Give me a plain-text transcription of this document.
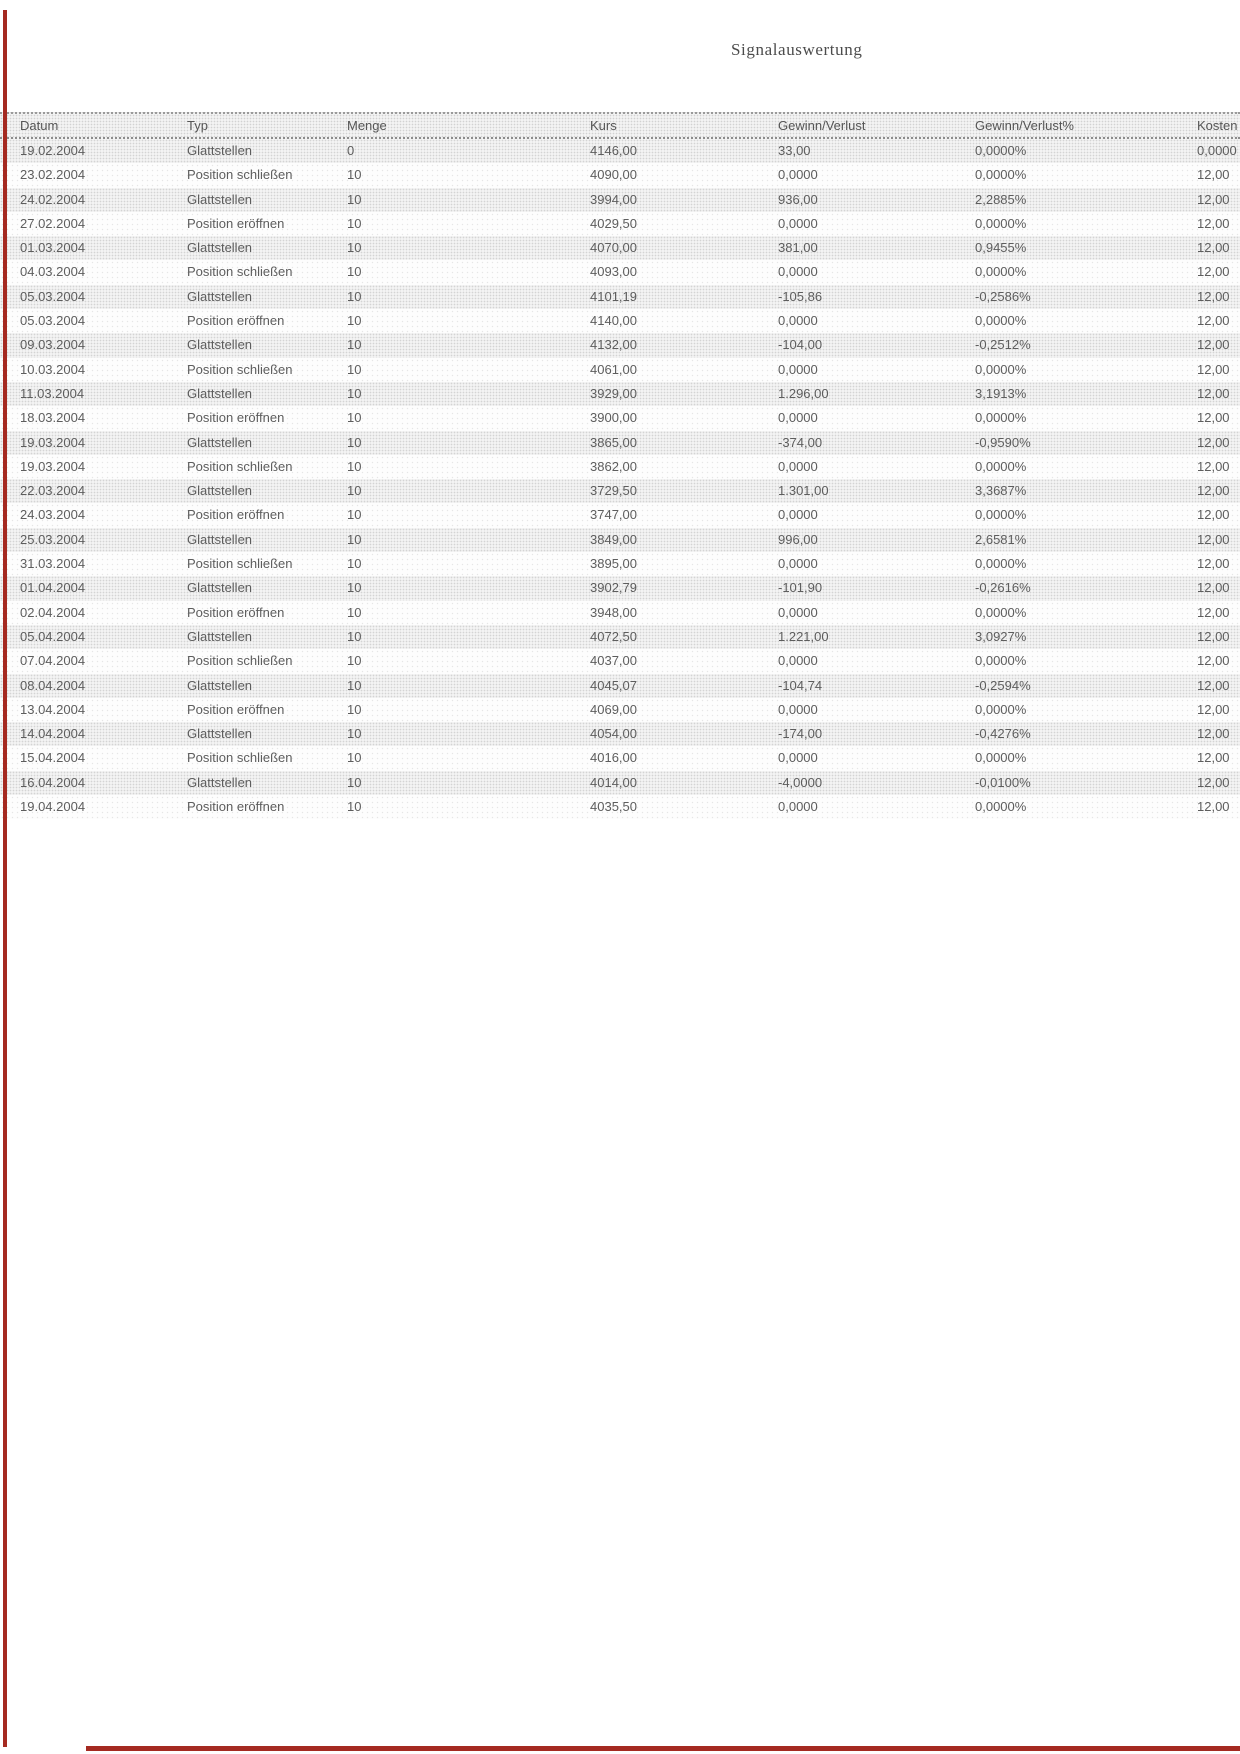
Signalauswertung
Datum	Typ	Menge	Kurs	Gewinn/Verlust	Gewinn/Verlust%	Kosten
19.02.2004	Glattstellen	0	4146,00	33,00	0,0000%	0,0000
23.02.2004	Position schließen	10	4090,00	0,0000	0,0000%	12,00
24.02.2004	Glattstellen	10	3994,00	936,00	2,2885%	12,00
27.02.2004	Position eröffnen	10	4029,50	0,0000	0,0000%	12,00
01.03.2004	Glattstellen	10	4070,00	381,00	0,9455%	12,00
04.03.2004	Position schließen	10	4093,00	0,0000	0,0000%	12,00
05.03.2004	Glattstellen	10	4101,19	-105,86	-0,2586%	12,00
05.03.2004	Position eröffnen	10	4140,00	0,0000	0,0000%	12,00
09.03.2004	Glattstellen	10	4132,00	-104,00	-0,2512%	12,00
10.03.2004	Position schließen	10	4061,00	0,0000	0,0000%	12,00
11.03.2004	Glattstellen	10	3929,00	1.296,00	3,1913%	12,00
18.03.2004	Position eröffnen	10	3900,00	0,0000	0,0000%	12,00
19.03.2004	Glattstellen	10	3865,00	-374,00	-0,9590%	12,00
19.03.2004	Position schließen	10	3862,00	0,0000	0,0000%	12,00
22.03.2004	Glattstellen	10	3729,50	1.301,00	3,3687%	12,00
24.03.2004	Position eröffnen	10	3747,00	0,0000	0,0000%	12,00
25.03.2004	Glattstellen	10	3849,00	996,00	2,6581%	12,00
31.03.2004	Position schließen	10	3895,00	0,0000	0,0000%	12,00
01.04.2004	Glattstellen	10	3902,79	-101,90	-0,2616%	12,00
02.04.2004	Position eröffnen	10	3948,00	0,0000	0,0000%	12,00
05.04.2004	Glattstellen	10	4072,50	1.221,00	3,0927%	12,00
07.04.2004	Position schließen	10	4037,00	0,0000	0,0000%	12,00
08.04.2004	Glattstellen	10	4045,07	-104,74	-0,2594%	12,00
13.04.2004	Position eröffnen	10	4069,00	0,0000	0,0000%	12,00
14.04.2004	Glattstellen	10	4054,00	-174,00	-0,4276%	12,00
15.04.2004	Position schließen	10	4016,00	0,0000	0,0000%	12,00
16.04.2004	Glattstellen	10	4014,00	-4,0000	-0,0100%	12,00
19.04.2004	Position eröffnen	10	4035,50	0,0000	0,0000%	12,00
